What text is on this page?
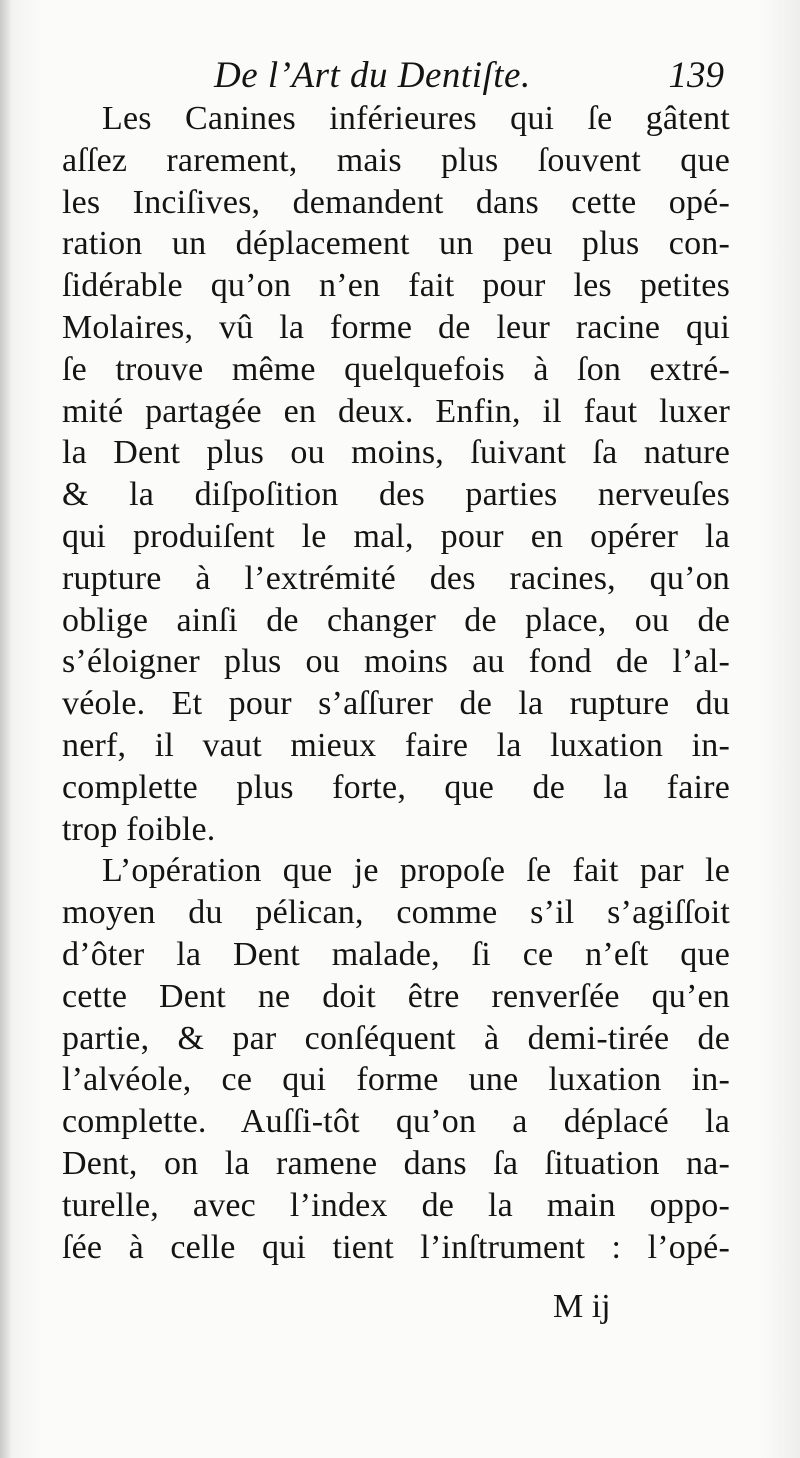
De l’Art du Dentiſte.	139
Les Canines inférieures qui ſe gâtent
aſſez rarement, mais plus ſouvent que
les Inciſives, demandent dans cette opé-
ration un déplacement un peu plus con-
ſidérable qu’on n’en fait pour les petites
Molaires, vû la forme de leur racine qui
ſe trouve même quelquefois à ſon extré-
mité partagée en deux. Enfin, il faut luxer
la Dent plus ou moins, ſuivant ſa nature
& la diſpoſition des parties nerveuſes
qui produiſent le mal, pour en opérer la
rupture à l’extrémité des racines, qu’on
oblige ainſi de changer de place, ou de
s’éloigner plus ou moins au fond de l’al-
véole. Et pour s’aſſurer de la rupture du
nerf, il vaut mieux faire la luxation in-
complette plus forte, que de la faire
trop foible.
L’opération que je propoſe ſe fait par le
moyen du pélican, comme s’il s’agiſſoit
d’ôter la Dent malade, ſi ce n’eſt que
cette Dent ne doit être renverſée qu’en
partie, & par conſéquent à demi-tirée de
l’alvéole, ce qui forme une luxation in-
complette. Auſſi-tôt qu’on a déplacé la
Dent, on la ramene dans ſa ſituation na-
turelle, avec l’index de la main oppo-
ſée à celle qui tient l’inſtrument : l’opé-
M ij
